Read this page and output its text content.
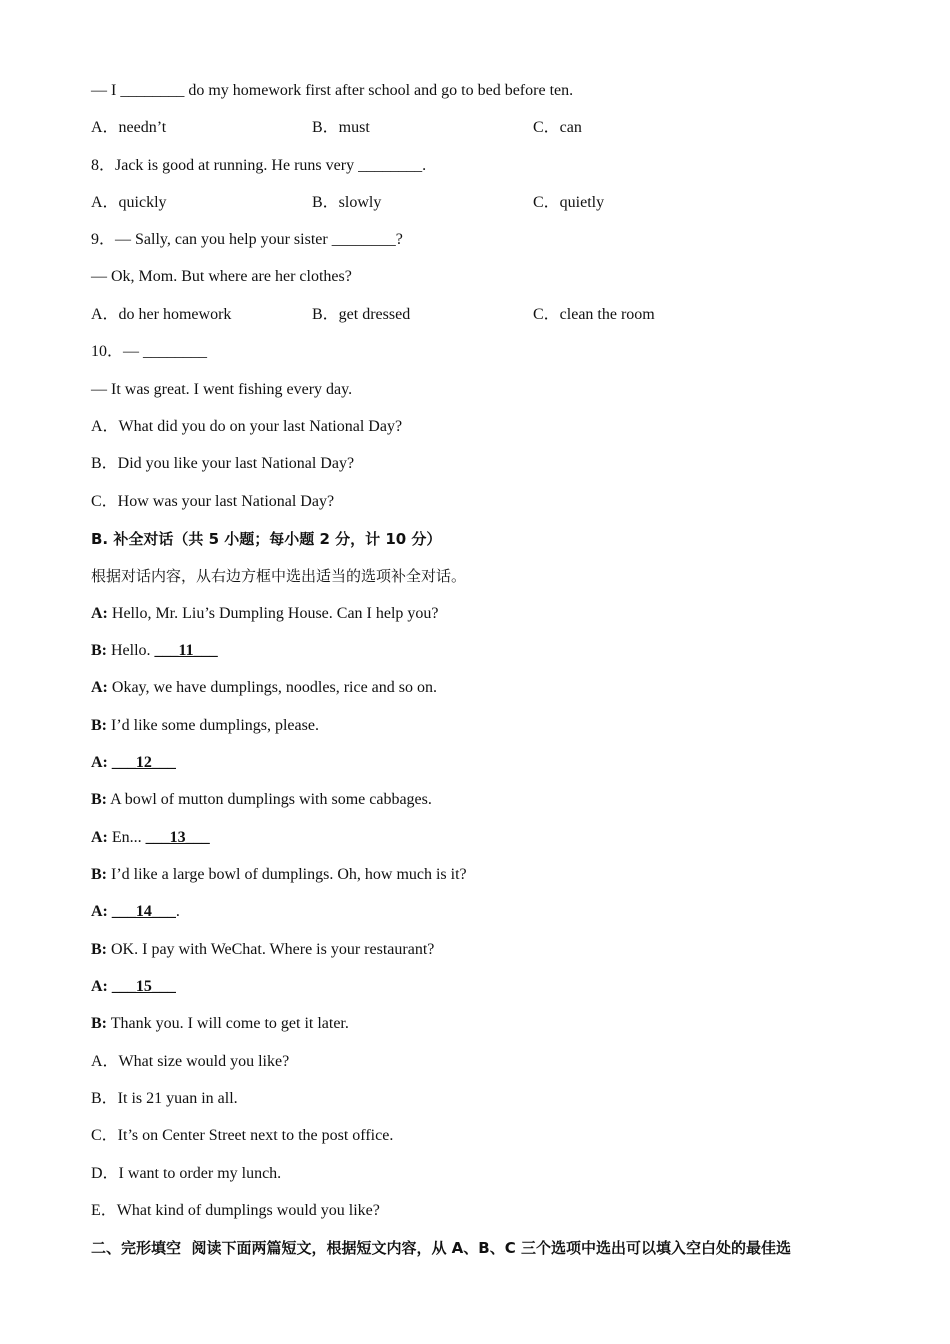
— I ________ do my homework first after school and go to bed before ten.
A．needn’t	B．must	C．can
8．Jack is good at running. He runs very ________.
A．quickly	B．slowly	C．quietly
9．— Sally, can you help your sister ________?
— Ok, Mom. But where are her clothes?
A．do her homework	B．get dressed	C．clean the room
10．— ________
— It was great. I went fishing every day.
A．What did you do on your last National Day?
B．Did you like your last National Day?
C．How was your last National Day?
B. 补全对话（共 5 小题；每小题 2 分，计 10 分）
根据对话内容，从右边方框中选出适当的选项补全对话。
A: Hello, Mr. Liu’s Dumpling House. Can I help you?
B: Hello. ___11___
A: Okay, we have dumplings, noodles, rice and so on.
B: I’d like some dumplings, please.
A: ___12___
B: A bowl of mutton dumplings with some cabbages.
A: En... ___13___
B: I’d like a large bowl of dumplings. Oh, how much is it?
A: ___14___.
B: OK. I pay with WeChat. Where is your restaurant?
A: ___15___
B: Thank you. I will come to get it later.
A．What size would you like?
B．It is 21 yuan in all.
C．It’s on Center Street next to the post office.
D．I want to order my lunch.
E．What kind of dumplings would you like?
二、完形填空  阅读下面两篇短文，根据短文内容，从 A、B、C 三个选项中选出可以填入空白处的最佳选
